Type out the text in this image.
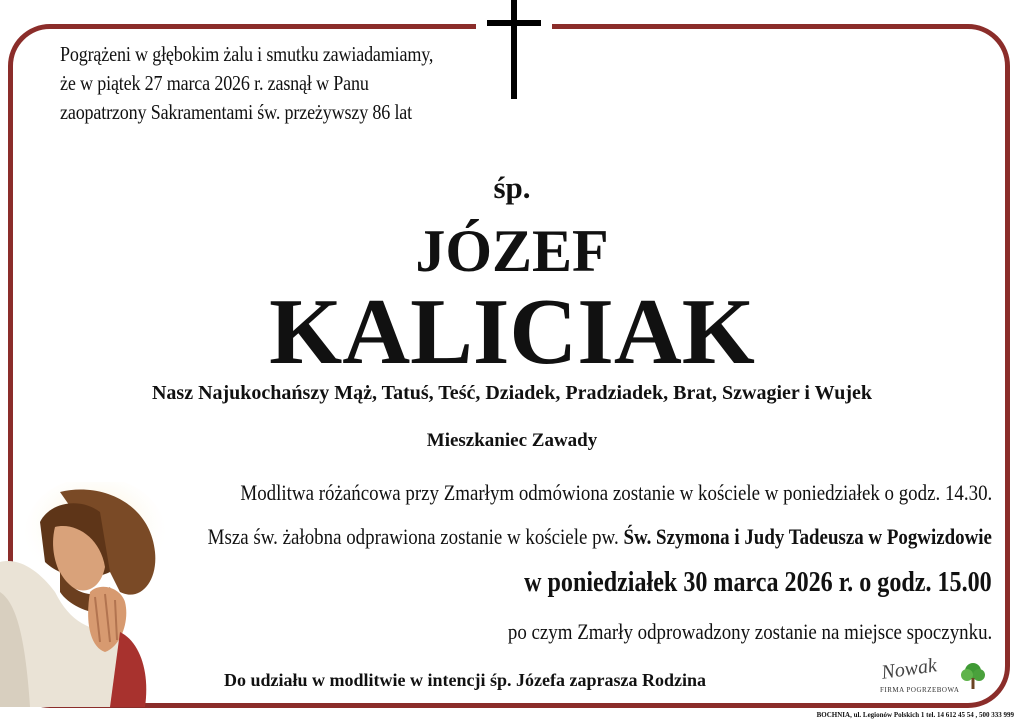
Pogrążeni w głębokim żalu i smutku zawiadamiamy,
że w piątek 27 marca 2026 r. zasnął w Panu
zaopatrzony Sakramentami św. przeżywszy 86 lat

śp.

JÓZEF

KALICIAK

Nasz Najukochańszy Mąż, Tatuś, Teść, Dziadek, Pradziadek, Brat, Szwagier i Wujek

Mieszkaniec Zawady

Modlitwa różańcowa przy Zmarłym odmówiona zostanie w kościele w poniedziałek o godz. 14.30.

Msza św. żałobna odprawiona zostanie w kościele pw. Św. Szymona i Judy Tadeusza w Pogwizdowie

w poniedziałek 30 marca 2026 r. o godz. 15.00

po czym Zmarły odprowadzony zostanie na miejsce spoczynku.

Do udziału w modlitwie w intencji śp. Józefa zaprasza Rodzina	Nowak
FIRMA POGRZEBOWA

BOCHNIA, ul. Legionów Polskich 1 tel. 14 612 45 54 , 500 333 999
